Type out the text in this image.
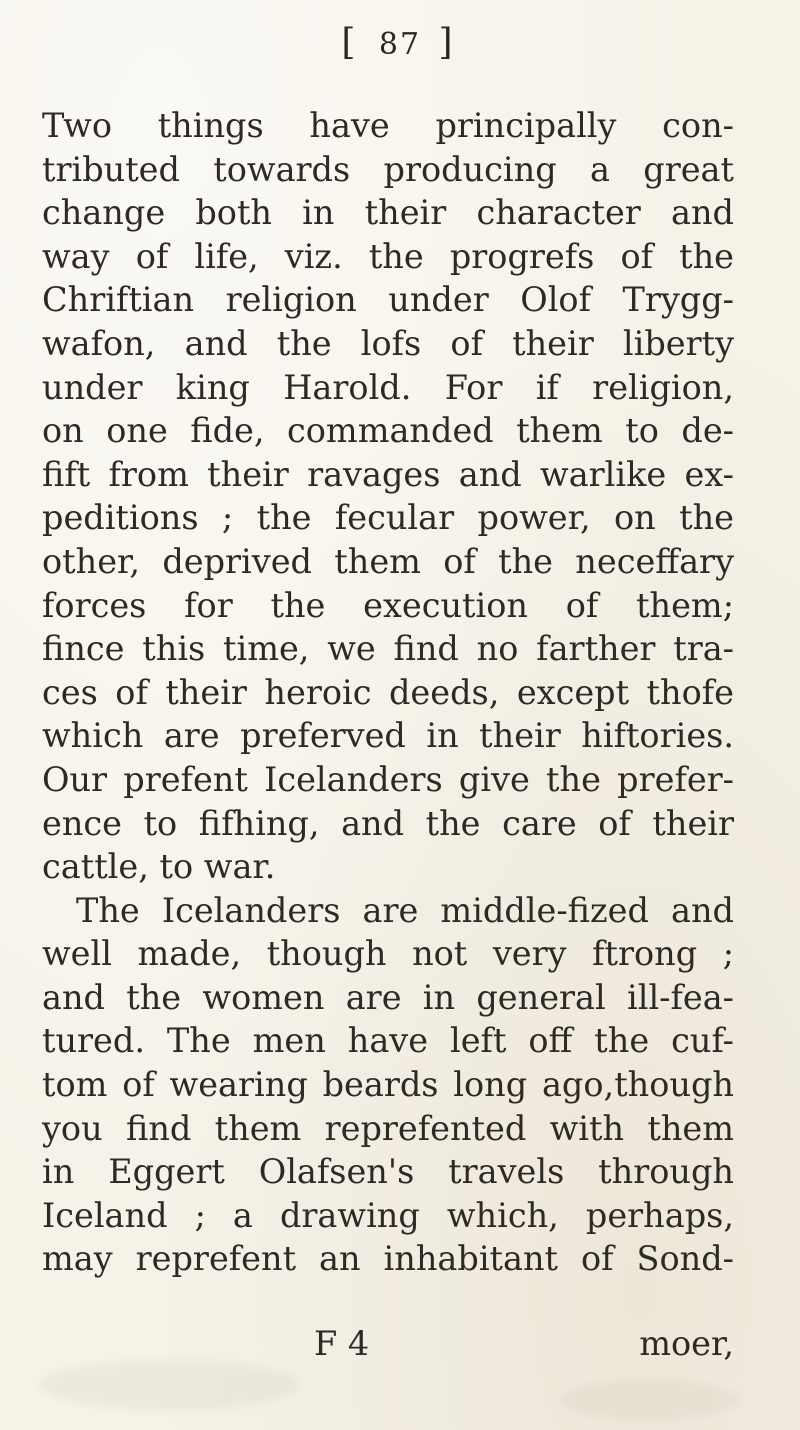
[ 87 ]
Two things have principally con-
tributed towards producing a great
change both in their character and
way of life, viz. the progrefs of the
Chriftian religion under Olof Trygg-
wafon, and the lofs of their liberty
under king Harold. For if religion,
on one fide, commanded them to de-
fift from their ravages and warlike ex-
peditions ; the fecular power, on the
other, deprived them of the neceffary
forces for the execution of them;
fince this time, we find no farther tra-
ces of their heroic deeds, except thofe
which are preferved in their hiftories.
Our prefent Icelanders give the prefer-
ence to fifhing, and the care of their
cattle, to war.
The Icelanders are middle-fized and
well made, though not very ftrong ;
and the women are in general ill-fea-
tured. The men have left off the cuf-
tom of wearing beards long ago,though
you find them reprefented with them
in Eggert Olafsen's travels through
Iceland ; a drawing which, perhaps,
may reprefent an inhabitant of Sond-
F 4	moer,
